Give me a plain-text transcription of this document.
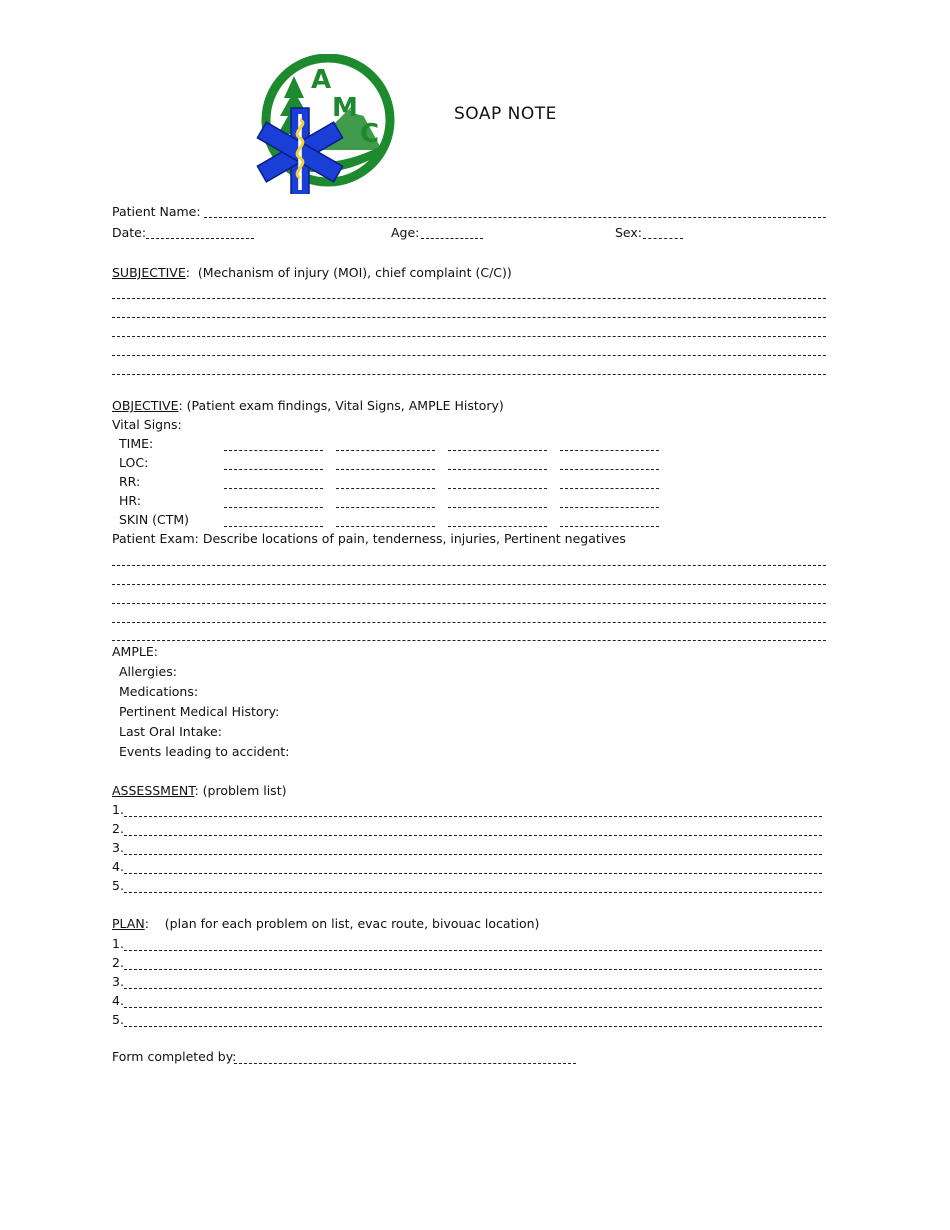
A
M
C
SOAP NOTE
Patient Name:
Date:	Age:	Sex:
SUBJECTIVE:  (Mechanism of injury (MOI), chief complaint (C/C))
OBJECTIVE: (Patient exam findings, Vital Signs, AMPLE History)
Vital Signs:
TIME:
LOC:
RR:
HR:
SKIN (CTM)
Patient Exam: Describe locations of pain, tenderness, injuries, Pertinent negatives
AMPLE:
Allergies:
Medications:
Pertinent Medical History:
Last Oral Intake:
Events leading to accident:
ASSESSMENT: (problem list)
1.
2.
3.
4.
5.
PLAN:    (plan for each problem on list, evac route, bivouac location)
1.
2.
3.
4.
5.
Form completed by:
